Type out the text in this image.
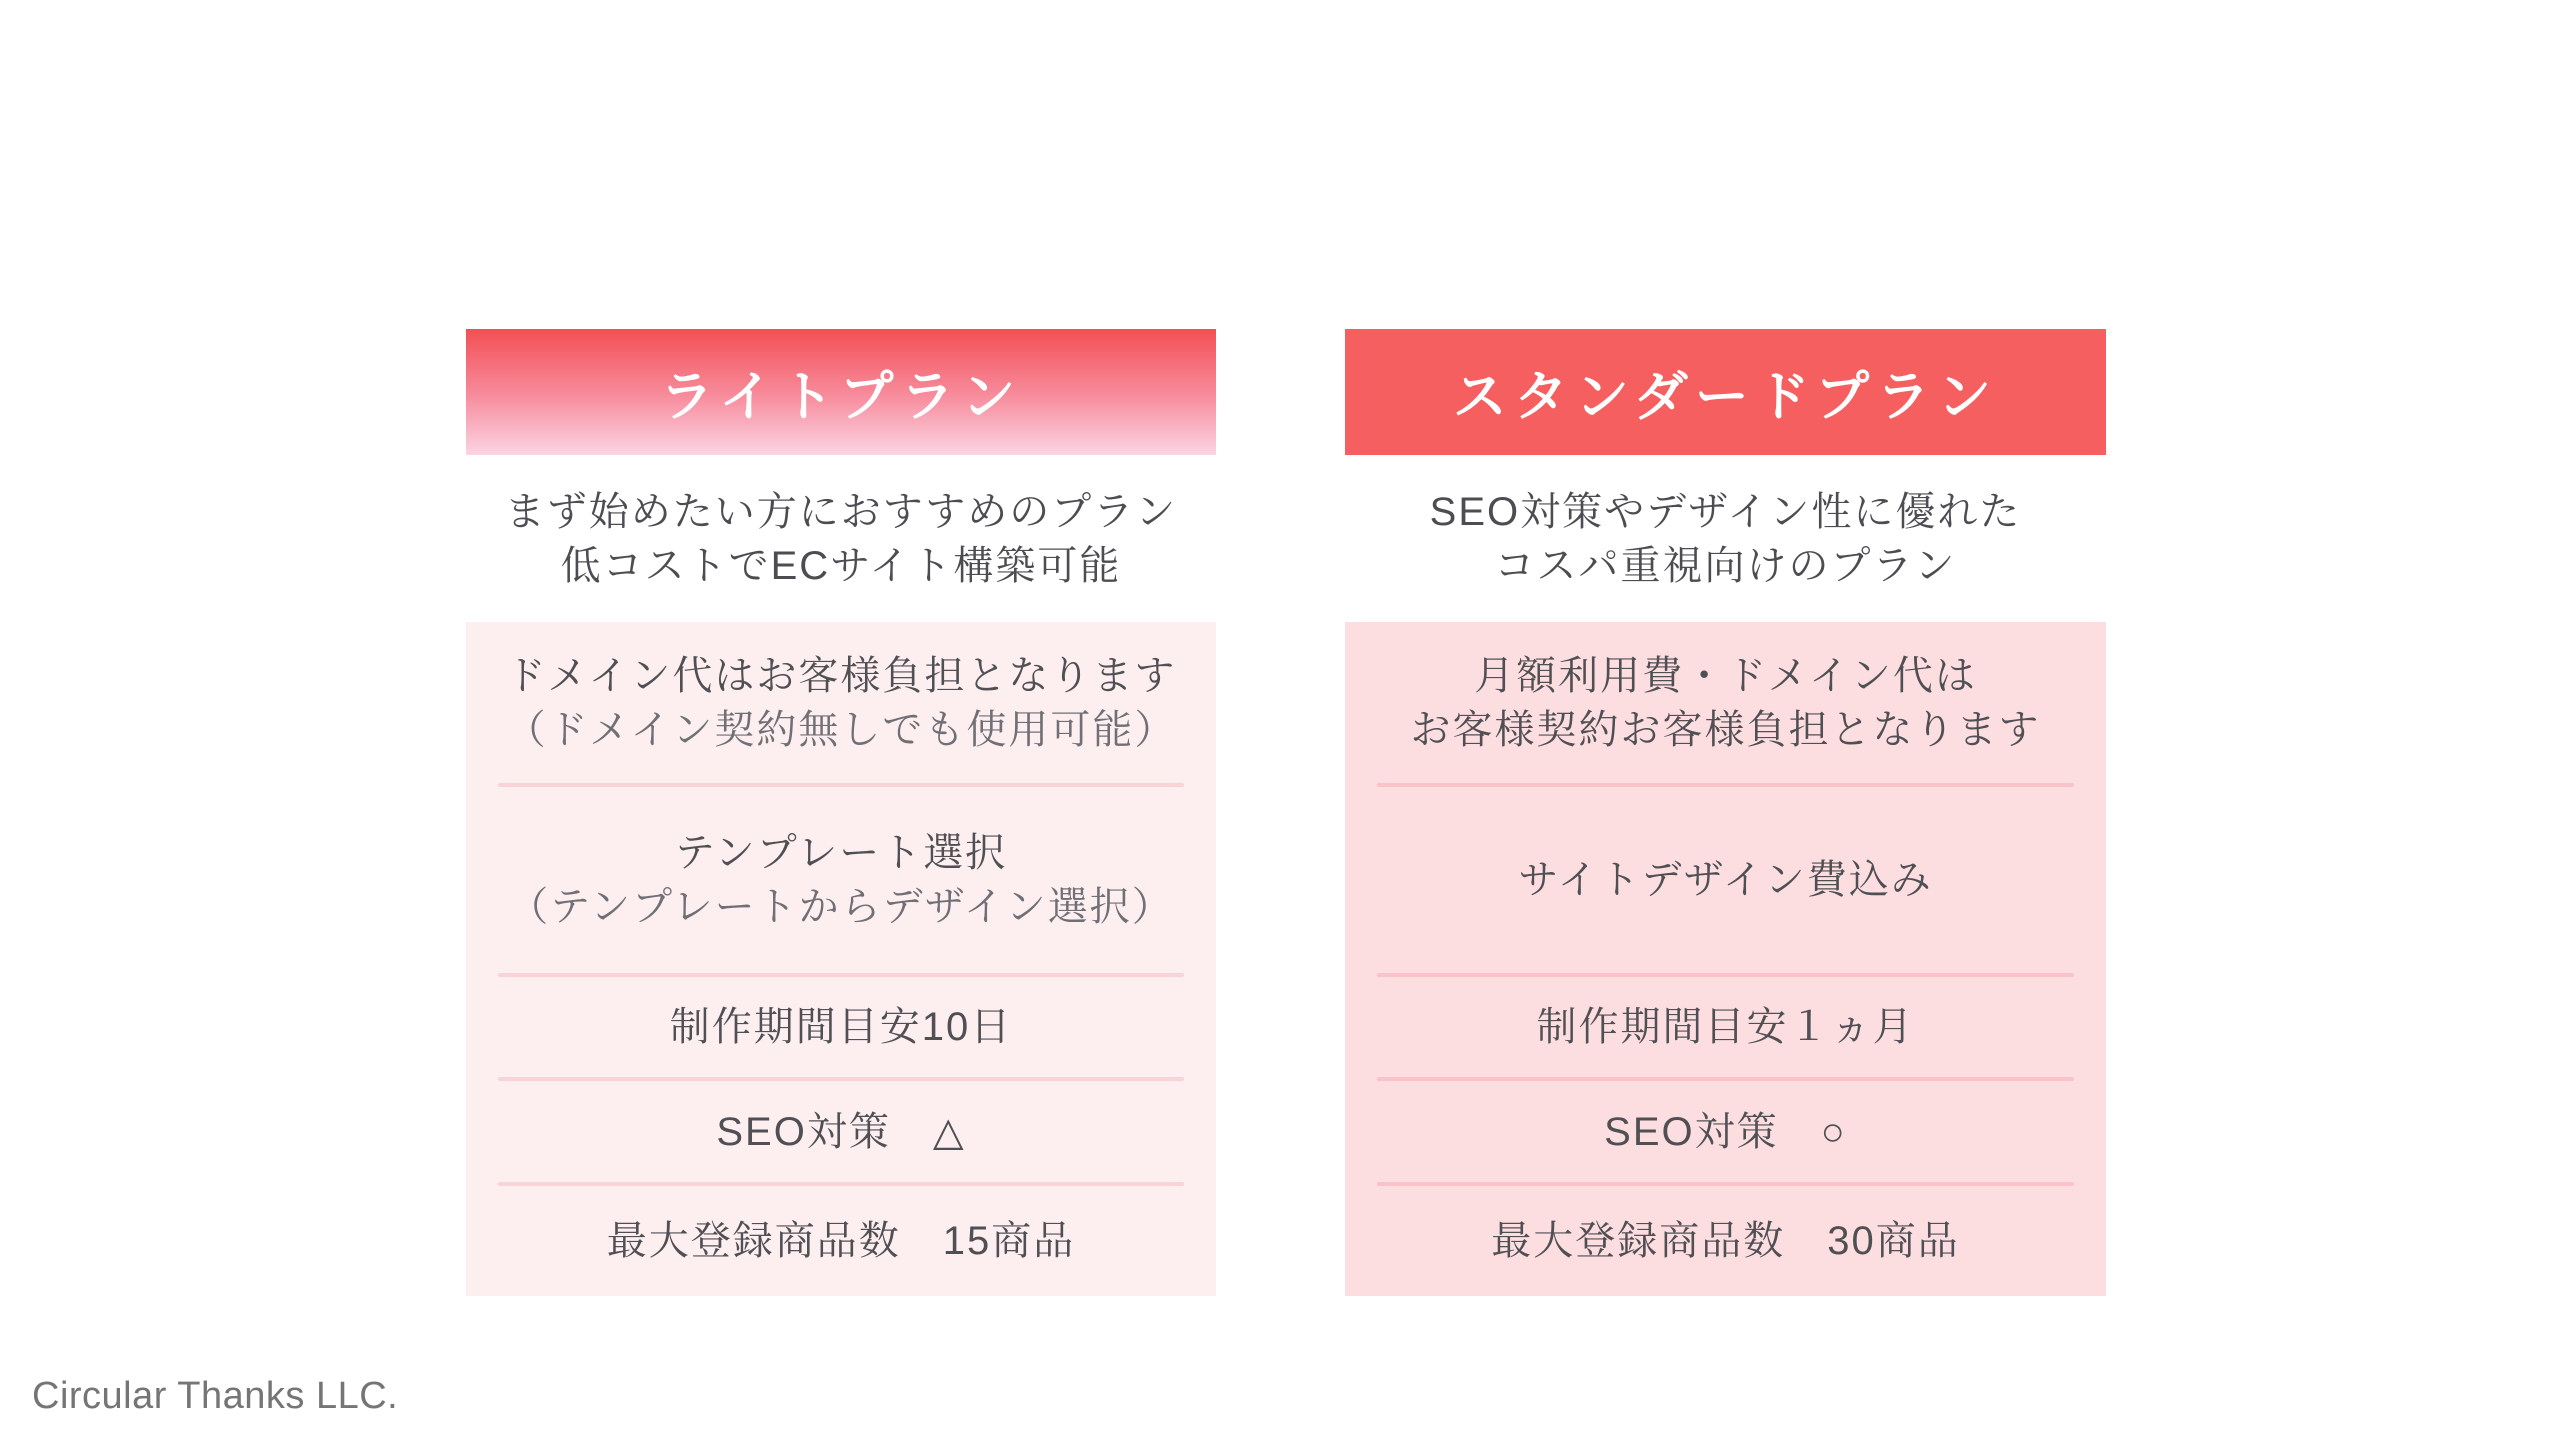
ライトプラン
まず始めたい方におすすめのプラン
低コストでECサイト構築可能
ドメイン代はお客様負担となります
（ドメイン契約無しでも使用可能）
テンプレート選択
（テンプレートからデザイン選択）
制作期間目安10日
SEO対策　△
最大登録商品数　15商品
スタンダードプラン
SEO対策やデザイン性に優れた
コスパ重視向けのプラン
月額利用費・ドメイン代は
お客様契約お客様負担となります
サイトデザイン費込み
制作期間目安１ヵ月
SEO対策　○
最大登録商品数　30商品
Circular Thanks LLC.
